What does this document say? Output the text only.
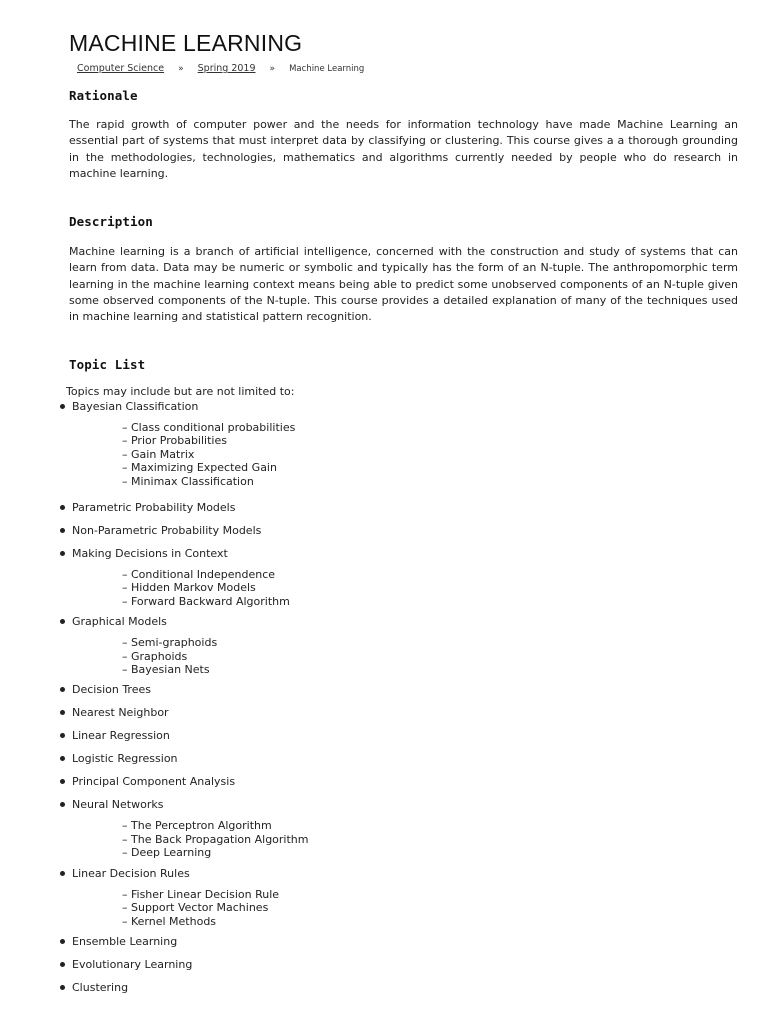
MACHINE LEARNING
Computer Science » Spring 2019 » Machine Learning
Rationale

The rapid growth of computer power and the needs for information technology have made Machine Learning an essential part of systems that must interpret data by classifying or clustering. This course gives a a thorough grounding in the methodologies, technologies, mathematics and algorithms currently needed by people who do research in machine learning.

Description

Machine learning is a branch of artificial intelligence, concerned with the construction and study of systems that can learn from data. Data may be numeric or symbolic and typically has the form of an N-tuple. The anthropomorphic term learning in the machine learning context means being able to predict some unobserved components of an N-tuple given some observed components of the N-tuple. This course provides a detailed explanation of many of the techniques used in machine learning and statistical pattern recognition.

Topic List
Topics may include but are not limited to:
Bayesian Classification
– Class conditional probabilities
– Prior Probabilities
– Gain Matrix
– Maximizing Expected Gain
– Minimax Classification
Parametric Probability Models
Non-Parametric Probability Models
Making Decisions in Context
– Conditional Independence
– Hidden Markov Models
– Forward Backward Algorithm
Graphical Models
– Semi-graphoids
– Graphoids
– Bayesian Nets
Decision Trees
Nearest Neighbor
Linear Regression
Logistic Regression
Principal Component Analysis
Neural Networks
– The Perceptron Algorithm
– The Back Propagation Algorithm
– Deep Learning
Linear Decision Rules
– Fisher Linear Decision Rule
– Support Vector Machines
– Kernel Methods
Ensemble Learning
Evolutionary Learning
Clustering
